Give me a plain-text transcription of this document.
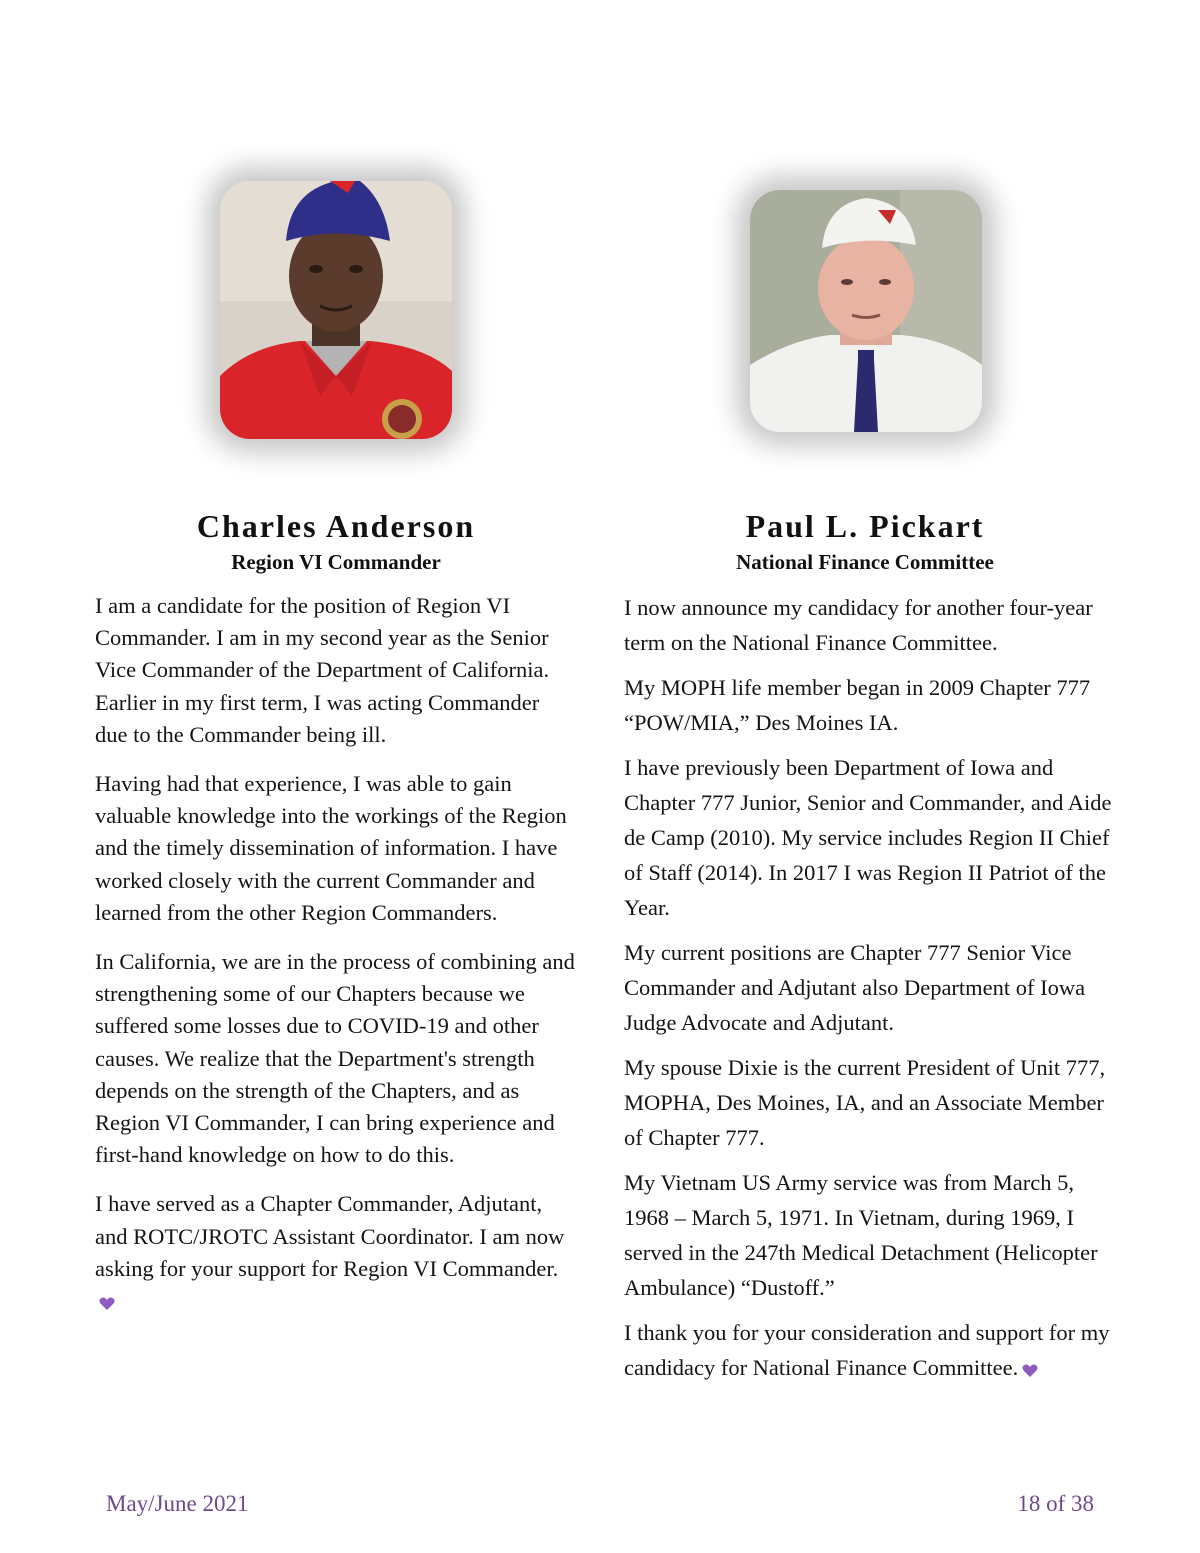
Charles Anderson
Region VI Commander
Paul L. Pickart
National Finance Committee

I am a candidate for the position of Region VI Commander. I am in my second year as the Senior Vice Commander of the Department of California. Earlier in my first term, I was acting Commander due to the Commander being ill.

Having had that experience, I was able to gain valuable knowledge into the workings of the Region and the timely dissemination of information. I have worked closely with the current Commander and learned from the other Region Commanders.

In California, we are in the process of combining and strengthening some of our Chapters because we suffered some losses due to COVID-19 and other causes. We realize that the Department's strength depends on the strength of the Chapters, and as Region VI Commander, I can bring experience and first-hand knowledge on how to do this.

I have served as a Chapter Commander, Adjutant, and ROTC/JROTC Assistant Coordinator. I am now asking for your support for Region VI Commander.

I now announce my candidacy for another four-year term on the National Finance Committee.

My MOPH life member began in 2009 Chapter 777 “POW/MIA,” Des Moines IA.

I have previously been Department of Iowa and Chapter 777 Junior, Senior and Commander, and Aide de Camp (2010). My service includes Region II Chief of Staff (2014). In 2017 I was Region II Patriot of the Year.

My current positions are Chapter 777 Senior Vice Commander and Adjutant also Department of Iowa Judge Advocate and Adjutant.

My spouse Dixie is the current President of Unit 777, MOPHA, Des Moines, IA, and an Associate Member of Chapter 777.

My Vietnam US Army service was from March 5, 1968 – March 5, 1971. In Vietnam, during 1969, I served in the 247th Medical Detachment (Helicopter Ambulance) “Dustoff.”

I thank you for your consideration and support for my candidacy for National Finance Committee.

May/June 2021	18 of 38
